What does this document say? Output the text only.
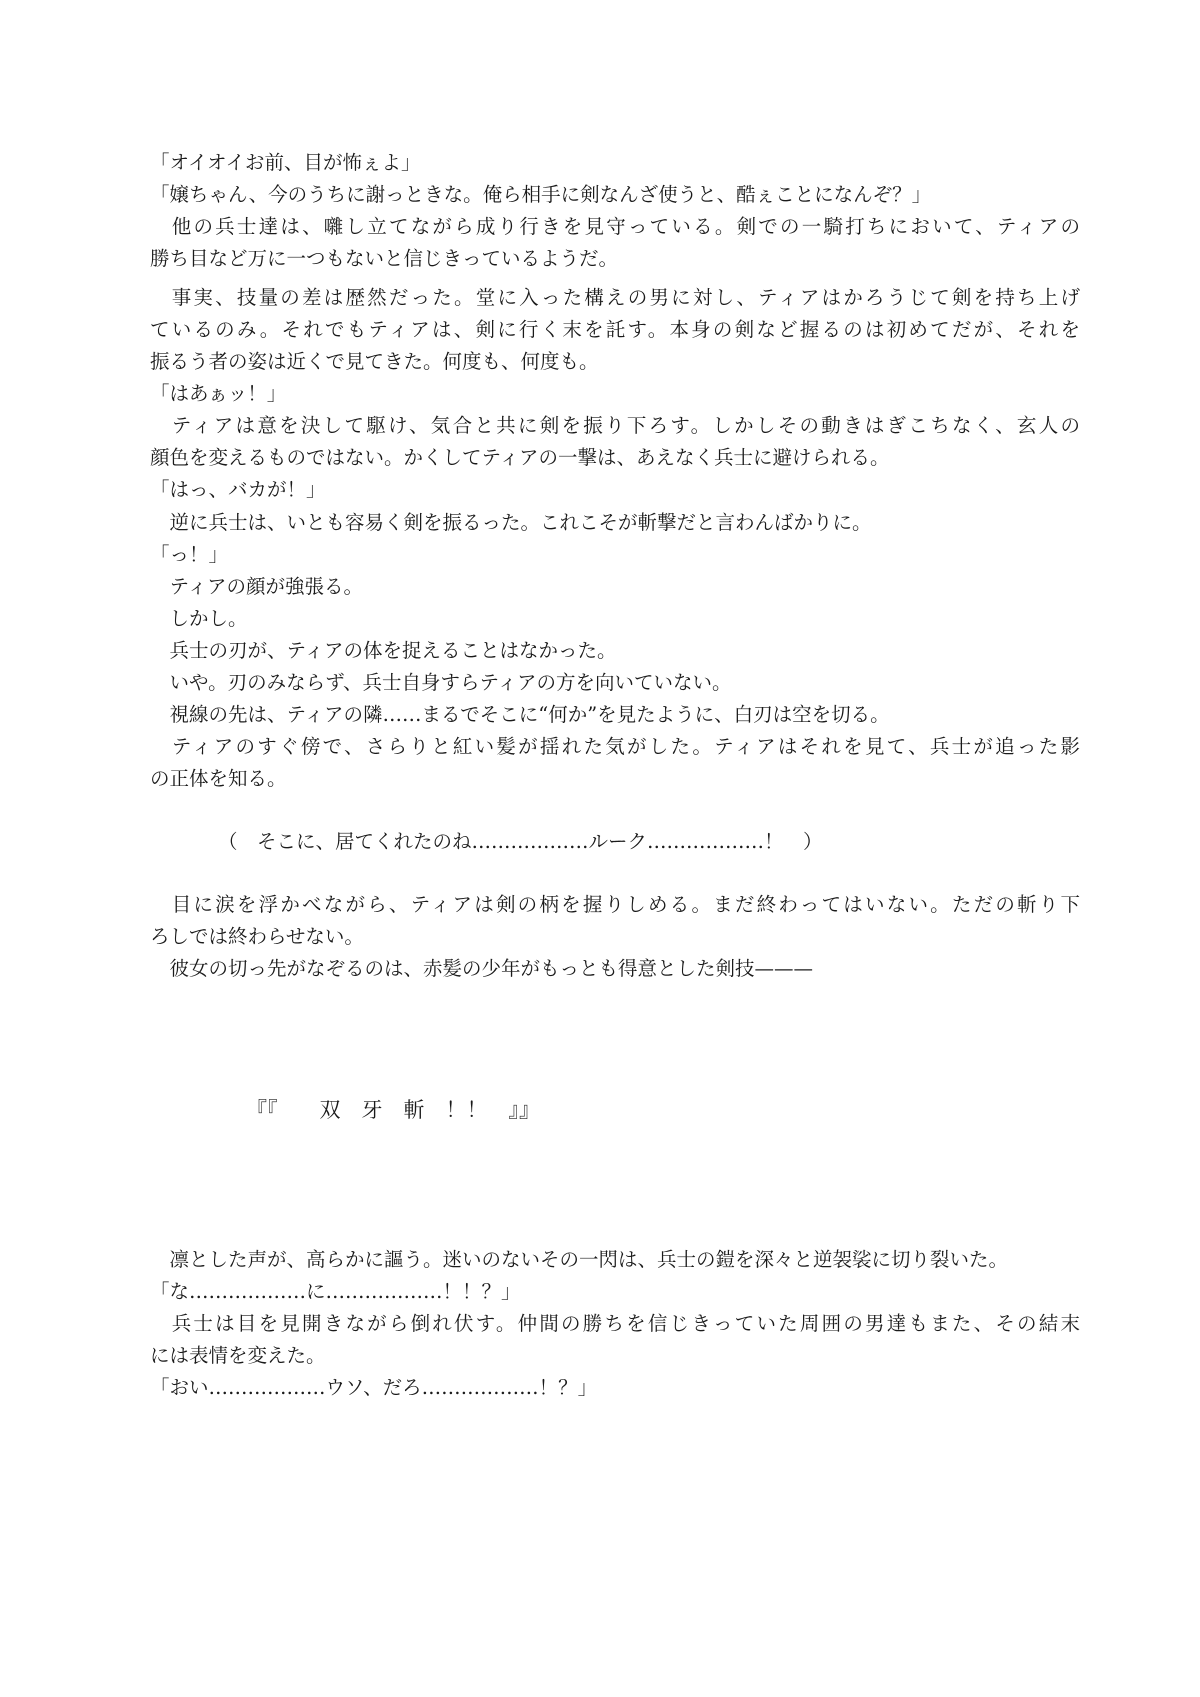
「オイオイお前、目が怖ぇよ」
「嬢ちゃん、今のうちに謝っときな。俺ら相手に剣なんざ使うと、酷ぇことになんぞ？」
　他の兵士達は、囃し立てながら成り行きを見守っている。剣での一騎打ちにおいて、ティアの
勝ち目など万に一つもないと信じきっているようだ。
　事実、技量の差は歴然だった。堂に入った構えの男に対し、ティアはかろうじて剣を持ち上げ
ているのみ。それでもティアは、剣に行く末を託す。本身の剣など握るのは初めてだが、それを
振るう者の姿は近くで見てきた。何度も、何度も。
「はあぁッ！」
　ティアは意を決して駆け、気合と共に剣を振り下ろす。しかしその動きはぎこちなく、玄人の
顔色を変えるものではない。かくしてティアの一撃は、あえなく兵士に避けられる。
「はっ、バカが！」
　逆に兵士は、いとも容易く剣を振るった。これこそが斬撃だと言わんばかりに。
「っ！」
　ティアの顔が強張る。
　しかし。
　兵士の刃が、ティアの体を捉えることはなかった。
　いや。刃のみならず、兵士自身すらティアの方を向いていない。
　視線の先は、ティアの隣……まるでそこに“何か”を見たように、白刃は空を切る。
　ティアのすぐ傍で、さらりと紅い髪が揺れた気がした。ティアはそれを見て、兵士が追った影
の正体を知る。
（　そこに、居てくれたのね………………ルーク………………！　）
　目に涙を浮かべながら、ティアは剣の柄を握りしめる。まだ終わってはいない。ただの斬り下
ろしでは終わらせない。
　彼女の切っ先がなぞるのは、赤髪の少年がもっとも得意とした剣技———
『『　　双　牙　斬　！！　』』
　凛とした声が、高らかに謳う。迷いのないその一閃は、兵士の鎧を深々と逆袈裟に切り裂いた。
「な………………に………………！！？」
　兵士は目を見開きながら倒れ伏す。仲間の勝ちを信じきっていた周囲の男達もまた、その結末
には表情を変えた。
「おい………………ウソ、だろ………………！？」
